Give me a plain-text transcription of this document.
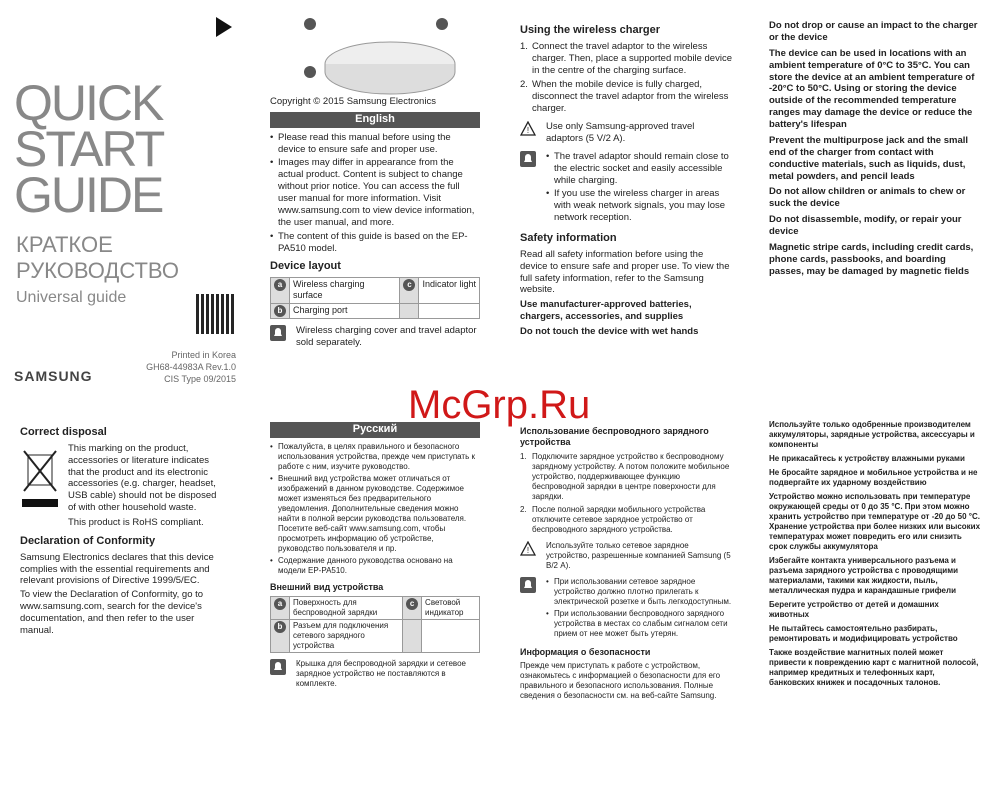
QUICK
START
GUIDE
КРАТКОЕ
РУКОВОДСТВО
Universal guide
Printed in Korea
GH68-44983A Rev.1.0
CIS Type 09/2015
SAMSUNG
Correct disposal

This marking on the product, accessories or literature indicates that the product and its electronic accessories (e.g. charger, headset, USB cable) should not be disposed of with other household waste.

This product is RoHS compliant.

Declaration of Conformity

Samsung Electronics declares that this device complies with the essential requirements and relevant provisions of Directive 1999/5/EC.

To view the Declaration of Conformity, go to www.samsung.com, search for the device's documentation, and then refer to the user manual.

Copyright © 2015 Samsung Electronics

English
• Please read this manual before using the device to ensure safe and proper use.
• Images may differ in appearance from the actual product. Content is subject to change without prior notice. You can access the full user manual for more information. Visit www.samsung.com to view device information, the user manual, and more.
• The content of this guide is based on the EP-PA510 model.
Device layout
a	Wireless charging surface	c	Indicator light
b	Charging port		

Wireless charging cover and travel adaptor sold separately.

Русский
• Пожалуйста, в целях правильного и безопасного использования устройства, прежде чем приступать к работе с ним, изучите руководство.
• Внешний вид устройства может отличаться от изображений в данном руководстве. Содержимое может изменяться без предварительного уведомления. Дополнительные сведения можно найти в полной версии руководства пользователя. Посетите веб-сайт www.samsung.com, чтобы просмотреть информацию об устройстве, руководство пользователя и пр.
• Содержание данного руководства основано на модели EP-PA510.
Внешний вид устройства
a	Поверхность для беспроводной зарядки	c	Световой индикатор
b	Разъем для подключения сетевого зарядного устройства		

Крышка для беспроводной зарядки и сетевое зарядное устройство не поставляются в комплекте.

Using the wireless charger
1. Connect the travel adaptor to the wireless charger. Then, place a supported mobile device in the centre of the charging surface.
2. When the mobile device is fully charged, disconnect the travel adaptor from the wireless charger.
! Use only Samsung-approved travel adaptors (5 V/2 A).

• The travel adaptor should remain close to the electric socket and easily accessible while charging.
• If you use the wireless charger in areas with weak network signals, you may lose network reception.
Safety information

Read all safety information before using the device to ensure safe and proper use. To view the full safety information, refer to the Samsung website.

Use manufacturer-approved batteries, chargers, accessories, and supplies

Do not touch the device with wet hands

Использование беспроводного зарядного устройства
1. Подключите зарядное устройство к беспроводному зарядному устройству. А потом положите мобильное устройство, поддерживающее функцию беспроводной зарядки в центре поверхности для зарядки.
2. После полной зарядки мобильного устройства отключите сетевое зарядное устройство от беспроводного зарядного устройства.
!

Используйте только сетевое зарядное устройство, разрешенные компанией Samsung (5 В/2 А).

• При использовании сетевое зарядное устройство должно плотно прилегать к электрической розетке и быть легкодоступным.
• При использовании беспроводного зарядного устройства в местах со слабым сигналом сети прием от нее может быть утерян.
Информация о безопасности

Прежде чем приступать к работе с устройством, ознакомьтесь с информацией о безопасности для его правильного и безопасного использования. Полные сведения о безопасности см. на веб-сайте Samsung.

Do not drop or cause an impact to the charger or the device

The device can be used in locations with an ambient temperature of 0°C to 35°C. You can store the device at an ambient temperature of -20°C to 50°C. Using or storing the device outside of the recommended temperature ranges may damage the device or reduce the battery's lifespan

Prevent the multipurpose jack and the small end of the charger from contact with conductive materials, such as liquids, dust, metal powders, and pencil leads

Do not allow children or animals to chew or suck the device

Do not disassemble, modify, or repair your device

Magnetic stripe cards, including credit cards, phone cards, passbooks, and boarding passes, may be damaged by magnetic fields

Используйте только одобренные производителем аккумуляторы, зарядные устройства, аксессуары и компоненты

Не прикасайтесь к устройству влажными руками

Не бросайте зарядное и мобильное устройства и не подвергайте их ударному воздействию

Устройство можно использовать при температуре окружающей среды от 0 до 35 °C. При этом можно хранить устройство при температуре от -20 до 50 °C. Хранение устройства при более низких или высоких температурах может повредить его или снизить срок службы аккумулятора

Избегайте контакта универсального разъема и разъема зарядного устройства с проводящими материалами, такими как жидкости, пыль, металлическая пудра и карандашные грифели

Берегите устройство от детей и домашних животных

Не пытайтесь самостоятельно разбирать, ремонтировать и модифицировать устройство

Также воздействие магнитных полей может привести к повреждению карт с магнитной полосой, например кредитных и телефонных карт, банковских книжек и посадочных талонов.

McGrp.Ru
